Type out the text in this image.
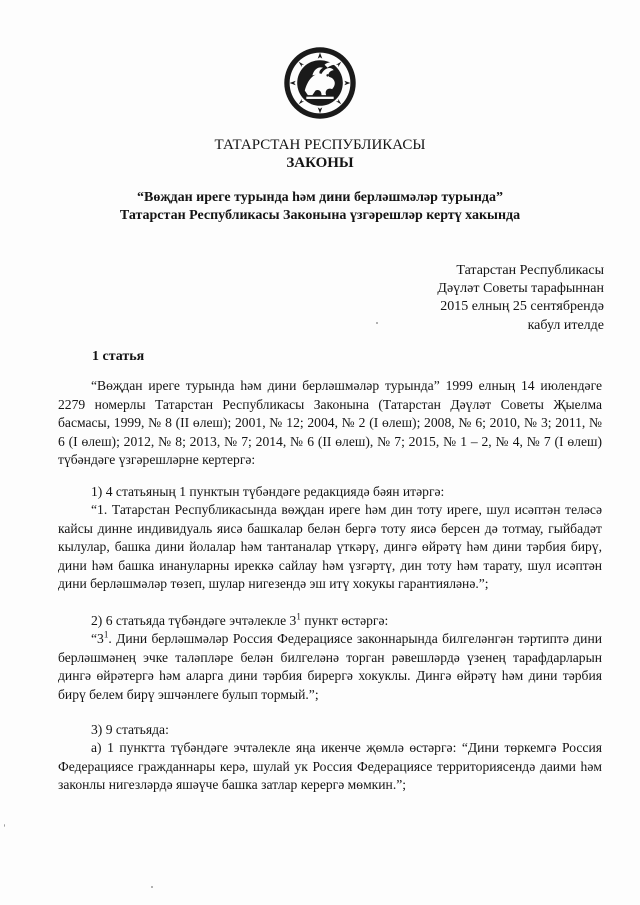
ТАТАРСТАН РЕСПУБЛИКАСЫ
ЗАКОНЫ
“Вөҗдан иреге турында һәм дини берләшмәләр турында”
Татарстан Республикасы Законына үзгәрешләр кертү хакында
Татарстан Республикасы
Дәүләт Советы тарафыннан
2015 елның 25 сентябрендә
кабул ителде
1 статья
“Вөҗдан иреге турында һәм дини берләшмәләр турында” 1999 елның 14 июлендәге 2279 номерлы Татарстан Республикасы Законына (Татарстан Дәүләт Советы Җыелма басмасы, 1999, № 8 (II өлеш); 2001, № 12; 2004, № 2 (I өлеш); 2008, № 6; 2010, № 3; 2011, № 6 (I өлеш); 2012, № 8; 2013, № 7; 2014, № 6 (II өлеш), № 7; 2015, № 1 – 2, № 4, № 7 (I өлеш) түбәндәге үзгәрешләрне кертергә:
1) 4 статьяның 1 пунктын түбәндәге редакциядә бәян итәргә:
“1. Татарстан Республикасында вөҗдан иреге һәм дин тоту иреге, шул исәптән теләсә кайсы динне индивидуаль яисә башкалар белән бергә тоту яисә берсен дә тотмау, гыйбадәт кылулар, башка дини йолалар һәм тантаналар үткәрү, дингә өйрәтү һәм дини тәрбия бирү, дини һәм башка инануларны иреккә сайлау һәм үзгәртү, дин тоту һәм тарату, шул исәптән дини берләшмәләр төзеп, шулар нигезендә эш итү хокукы гарантияләнә.”;
2) 6 статьяда түбәндәге эчтәлекле $3^1$ пункт өстәргә:
“$3^1$. Дини берләшмәләр Россия Федерациясе законнарында билгеләнгән тәртиптә дини берләшмәнең эчке таләпләре белән билгеләнә торган рәвешләрдә үзенең тарафдарларын дингә өйрәтергә һәм аларга дини тәрбия бирергә хокуклы. Дингә өйрәтү һәм дини тәрбия бирү белем бирү эшчәнлеге булып тормый.”;
3) 9 статьяда:
а) 1 пунктта түбәндәге эчтәлекле яңа икенче җөмлә өстәргә: “Дини төркемгә Россия Федерациясе гражданнары керә, шулай ук Россия Федерациясе территориясендә даими һәм законлы нигезләрдә яшәүче башка затлар керергә мөмкин.”;
